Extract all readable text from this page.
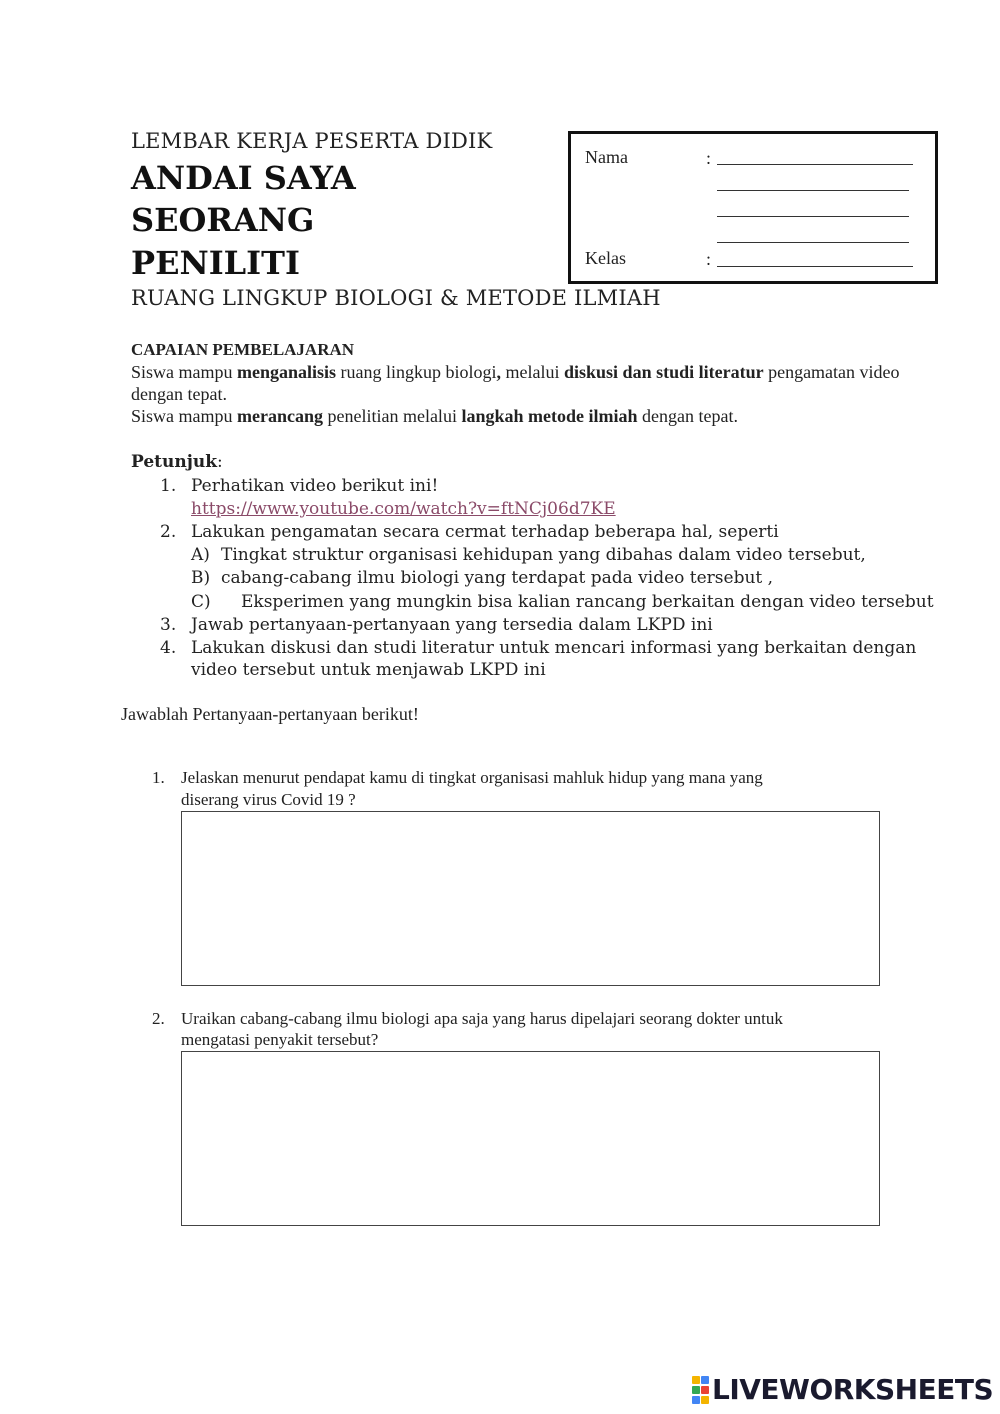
LEMBAR KERJA PESERTA DIDIK
ANDAI SAYA
SEORANG
PENILITI
RUANG LINGKUP BIOLOGI & METODE ILMIAH
Nama	:
Kelas	:
CAPAIAN PEMBELAJARAN
Siswa mampu menganalisis ruang lingkup biologi, melalui diskusi dan studi literatur pengamatan video
dengan tepat.
Siswa mampu merancang penelitian melalui langkah metode ilmiah dengan tepat.
Petunjuk:
1. Perhatikan video berikut ini!
https://www.youtube.com/watch?v=ftNCj06d7KE
2. Lakukan pengamatan secara cermat terhadap beberapa hal, seperti
A) Tingkat struktur organisasi kehidupan yang dibahas dalam video tersebut,
B) cabang-cabang ilmu biologi yang terdapat pada video tersebut ,
C) Eksperimen yang mungkin bisa kalian rancang berkaitan dengan video tersebut
3. Jawab pertanyaan-pertanyaan yang tersedia dalam LKPD ini
4. Lakukan diskusi dan studi literatur untuk mencari informasi yang berkaitan dengan
video tersebut untuk menjawab LKPD ini
Jawablah Pertanyaan-pertanyaan berikut!
1. Jelaskan menurut pendapat kamu di tingkat organisasi mahluk hidup yang mana yang
diserang virus Covid 19 ?
2. Uraikan cabang-cabang ilmu biologi apa saja yang harus dipelajari seorang dokter untuk
mengatasi penyakit tersebut?
LIVEWORKSHEETS
